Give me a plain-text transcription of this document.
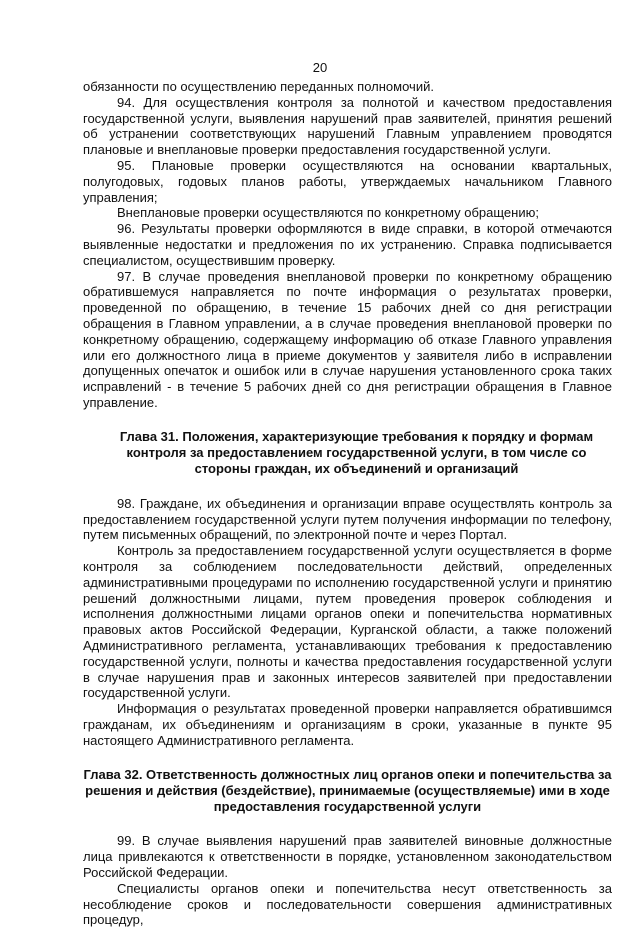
20

обязанности по осуществлению переданных полномочий.

94. Для осуществления контроля за полнотой и качеством предоставления государственной услуги, выявления нарушений прав заявителей, принятия решений об устранении соответствующих нарушений Главным управлением проводятся плановые и внеплановые проверки предоставления государственной услуги.

95. Плановые проверки осуществляются на основании квартальных, полугодовых, годовых планов работы, утверждаемых начальником Главного управления;

Внеплановые проверки осуществляются по конкретному обращению;

96. Результаты проверки оформляются в виде справки, в которой отмечаются выявленные недостатки и предложения по их устранению. Справка подписывается специалистом, осуществившим проверку.

97. В случае проведения внеплановой проверки по конкретному обращению обратившемуся направляется по почте информация о результатах проверки, проведенной по обращению, в течение 15 рабочих дней со дня регистрации обращения в Главном управлении, а в случае проведения внеплановой проверки по конкретному обращению, содержащему информацию об отказе Главного управления или его должностного лица в приеме документов у заявителя либо в исправлении допущенных опечаток и ошибок или в случае нарушения установленного срока таких исправлений - в течение 5 рабочих дней со дня регистрации обращения в Главное управление.

Глава 31. Положения, характеризующие требования к порядку и формам контроля за предоставлением государственной услуги, в том числе со стороны граждан, их объединений и организаций

98. Граждане, их объединения и организации вправе осуществлять контроль за предоставлением государственной услуги путем получения информации по телефону, путем письменных обращений, по электронной почте и через Портал.

Контроль за предоставлением государственной услуги осуществляется в форме контроля за соблюдением последовательности действий, определенных административными процедурами по исполнению государственной услуги и принятию решений должностными лицами, путем проведения проверок соблюдения и исполнения должностными лицами органов опеки и попечительства нормативных правовых актов Российской Федерации, Курганской области, а также положений Административного регламента, устанавливающих требования к предоставлению государственной услуги, полноты и качества предоставления государственной услуги в случае нарушения прав и законных интересов заявителей при предоставлении государственной услуги.

Информация о результатах проведенной проверки направляется обратившимся гражданам, их объединениям и организациям в сроки, указанные в пункте 95 настоящего Административного регламента.

Глава 32. Ответственность должностных лиц органов опеки и попечительства за решения и действия (бездействие), принимаемые (осуществляемые) ими в ходе предоставления государственной услуги

99. В случае выявления нарушений прав заявителей виновные должностные лица привлекаются к ответственности в порядке, установленном законодательством Российской Федерации.

Специалисты органов опеки и попечительства несут ответственность за несоблюдение сроков и последовательности совершения административных процедур,
